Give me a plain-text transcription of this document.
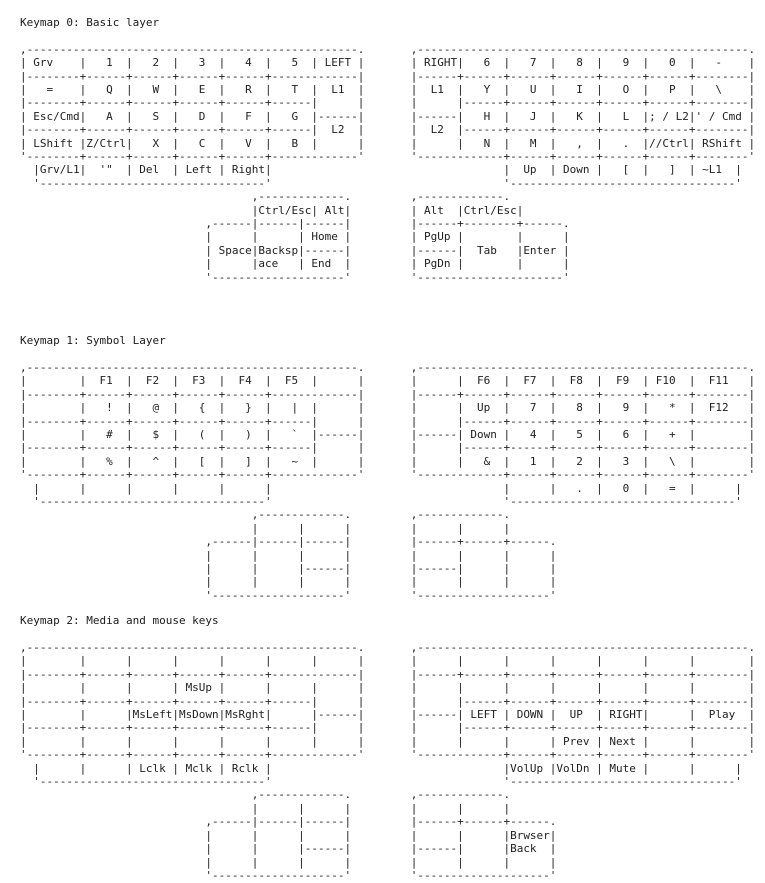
Keymap 0: Basic layer
,--------------------------------------------------.       ,--------------------------------------------------.
| Grv    |   1  |   2  |   3  |   4  |   5  | LEFT |       | RIGHT|   6  |   7  |   8  |   9  |   0  |   -    |
|--------+------+------+------+------+-------------|       |------+------+------+------+------+------+--------|
|   =    |   Q  |   W  |   E  |   R  |   T  |  L1  |       |  L1  |   Y  |   U  |   I  |   O  |   P  |   \    |
|--------+------+------+------+------+------|      |       |      |------+------+------+------+------+--------|
| Esc/Cmd|   A  |   S  |   D  |   F  |   G  |------|       |------|   H  |   J  |   K  |   L  |; / L2|' / Cmd |
|--------+------+------+------+------+------|  L2  |       |  L2  |------+------+------+------+------+--------|
| LShift |Z/Ctrl|   X  |   C  |   V  |   B  |      |       |      |   N  |   M  |   ,  |   .  |//Ctrl| RShift |
'--------+------+------+------+------+-------------'       '-------------+------+------+------+------+--------'
|Grv/L1|  '"  | Del  | Left | Right|                                   |  Up  | Down |   [  |   ]  | ~L1  |
'----------------------------------'                                   '----------------------------------'
,-------------.         ,-------------.
|Ctrl/Esc| Alt|         | Alt  |Ctrl/Esc|
,------|------|------|         |------+--------+------.
|      |      | Home |         | PgUp |        |      |
| Space|Backsp|------|         |------|  Tab   |Enter |
|      |ace   | End  |         | PgDn |        |      |
'--------------------'         '----------------------'
Keymap 1: Symbol Layer
,--------------------------------------------------.       ,--------------------------------------------------.
|        |  F1  |  F2  |  F3  |  F4  |  F5  |      |       |      |  F6  |  F7  |  F8  |  F9  | F10  |  F11   |
|--------+------+------+------+------+-------------|       |------+------+------+------+------+------+--------|
|        |   !  |   @  |   {  |   }  |   |  |      |       |      |  Up  |   7  |   8  |   9  |   *  |  F12   |
|--------+------+------+------+------+------|      |       |      |------+------+------+------+------+--------|
|        |   #  |   $  |   (  |   )  |   `  |------|       |------| Down |   4  |   5  |   6  |   +  |        |
|--------+------+------+------+------+------|      |       |      |------+------+------+------+------+--------|
|        |   %  |   ^  |   [  |   ]  |   ~  |      |       |      |   &  |   1  |   2  |   3  |   \  |        |
'--------+------+------+------+------+-------------'       '-------------+------+------+------+------+--------'
|      |      |      |      |      |                                   |      |   .  |   0  |   =  |      |
'----------------------------------'                                   '----------------------------------'
,-------------.         ,-------------.
|      |      |         |      |      |
,------|------|------|         |------+------+------.
|      |      |      |         |      |      |      |
|      |      |------|         |------|      |      |
|      |      |      |         |      |      |      |
'--------------------'         '--------------------'
Keymap 2: Media and mouse keys
,--------------------------------------------------.       ,--------------------------------------------------.
|        |      |      |      |      |      |      |       |      |      |      |      |      |      |        |
|--------+------+------+------+------+-------------|       |------+------+------+------+------+------+--------|
|        |      |      | MsUp |      |      |      |       |      |      |      |      |      |      |        |
|--------+------+------+------+------+------|      |       |      |------+------+------+------+------+--------|
|        |      |MsLeft|MsDown|MsRght|      |------|       |------| LEFT | DOWN |  UP  | RIGHT|      |  Play  |
|--------+------+------+------+------+------|      |       |      |------+------+------+------+------+--------|
|        |      |      |      |      |      |      |       |      |      |      | Prev | Next |      |        |
'--------+------+------+------+------+-------------'       '-------------+------+------+------+------+--------'
|      |      | Lclk | Mclk | Rclk |                                   |VolUp |VolDn | Mute |      |      |
'----------------------------------'                                   '----------------------------------'
,-------------.         ,-------------.
|      |      |         |      |      |
,------|------|------|         |------+------+------.
|      |      |      |         |      |      |Brwser|
|      |      |------|         |------|      |Back  |
|      |      |      |         |      |      |      |
'--------------------'         '--------------------'
